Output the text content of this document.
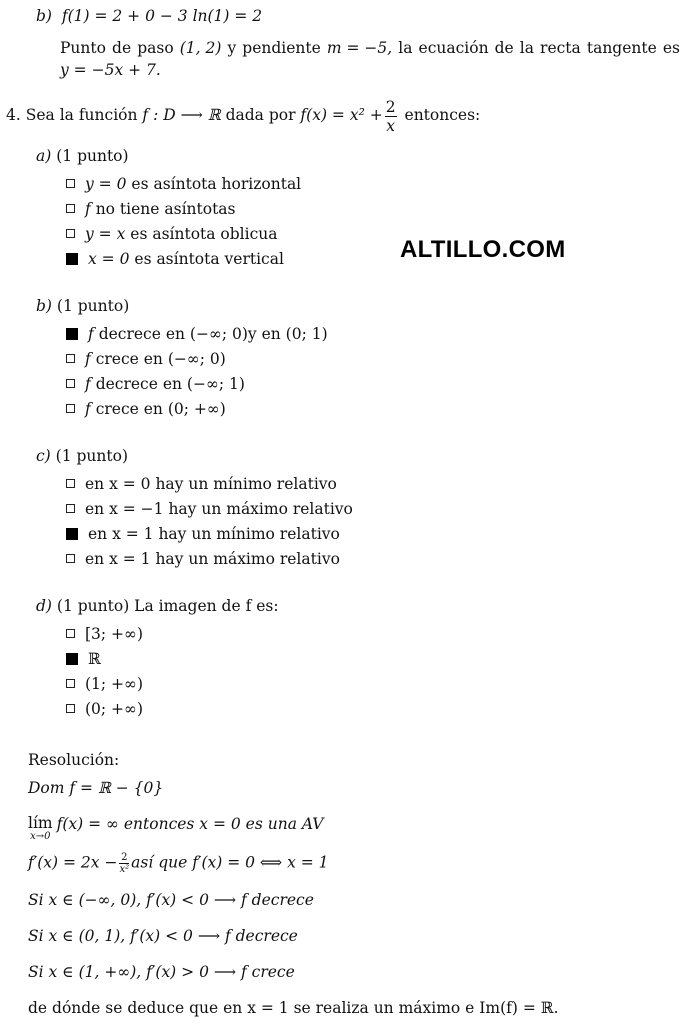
b) f(1) = 2 + 0 − 3 ln(1) = 2
Punto de paso (1, 2) y pendiente m = −5, la ecuación de la recta tangente es
y = −5x + 7.
4. Sea la función f : D ⟶ ℝ dada por $f(x) = x^2 + \frac{2}{x}$ entonces:
ALTILLO.COM
a) (1 punto)
y = 0 es asíntota horizontal
f no tiene asíntotas
y = x es asíntota oblicua
x = 0 es asíntota vertical
b) (1 punto)
f decrece en (−∞; 0)y en (0; 1)
f crece en (−∞; 0)
f decrece en (−∞; 1)
f crece en (0; +∞)
c) (1 punto)
en x = 0 hay un mínimo relativo
en x = −1 hay un máximo relativo
en x = 1 hay un mínimo relativo
en x = 1 hay un máximo relativo
d) (1 punto) La imagen de f es:
[3; +∞)
ℝ
(1; +∞)
(0; +∞)
Resolución:
Dom f = ℝ − {0}
lím
x→0
f(x) = ∞ entonces x = 0 es una AV
$f'(x) = 2x - \frac{2}{\text{x²}}$ así que f′(x) = 0 ⟺ x = 1
Si x ∈ (−∞, 0), f′(x) < 0 ⟶ f decrece
Si x ∈ (0, 1), f′(x) < 0 ⟶ f decrece
Si x ∈ (1, +∞), f′(x) > 0 ⟶ f crece
de dónde se deduce que en x = 1 se realiza un máximo e Im(f) = ℝ.
